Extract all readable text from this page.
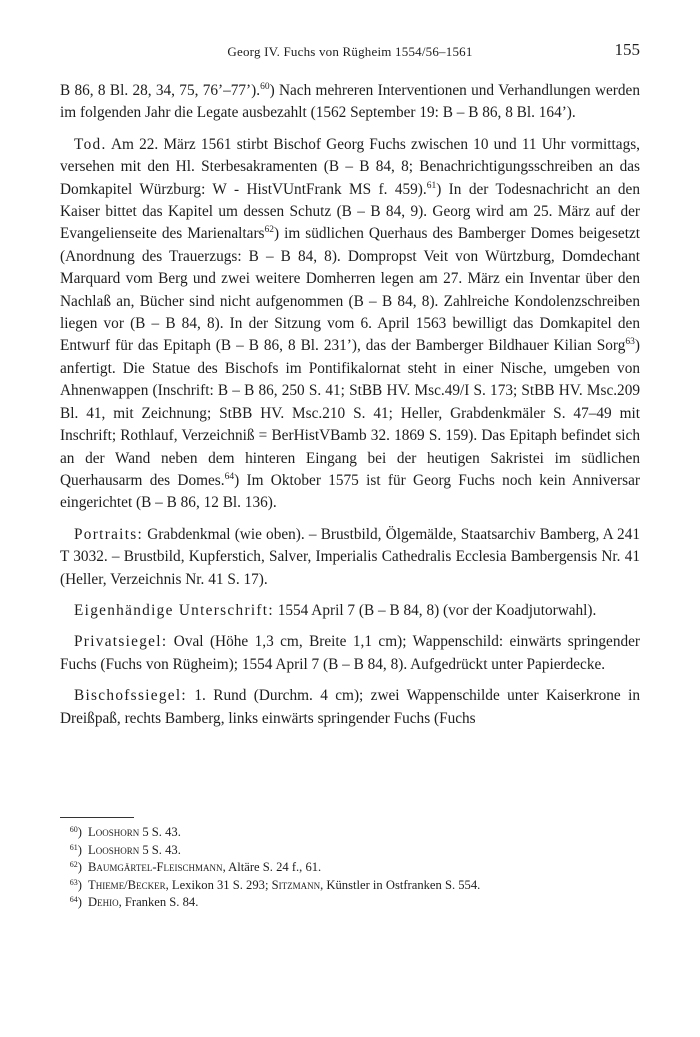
Georg IV. Fuchs von Rügheim 1554/56–1561	155

B 86, 8 Bl. 28, 34, 75, 76’–77’).$^{60}$) Nach mehreren Interventionen und Verhandlungen werden im folgenden Jahr die Legate ausbezahlt (1562 September 19: B – B 86, 8 Bl. 164’).

Tod. Am 22. März 1561 stirbt Bischof Georg Fuchs zwischen 10 und 11 Uhr vormittags, versehen mit den Hl. Sterbesakramenten (B – B 84, 8; Benachrichtigungsschreiben an das Domkapitel Würzburg: W - HistVUntFrank MS f. 459).$^{61}$) In der Todesnachricht an den Kaiser bittet das Kapitel um dessen Schutz (B – B 84, 9). Georg wird am 25. März auf der Evangelienseite des Marienaltars$^{62}$) im südlichen Querhaus des Bamberger Domes beigesetzt (Anordnung des Trauerzugs: B – B 84, 8). Dompropst Veit von Würtzburg, Domdechant Marquard vom Berg und zwei weitere Domherren legen am 27. März ein Inventar über den Nachlaß an, Bücher sind nicht aufgenommen (B – B 84, 8). Zahlreiche Kondolenzschreiben liegen vor (B – B 84, 8). In der Sitzung vom 6. April 1563 bewilligt das Domkapitel den Entwurf für das Epitaph (B – B 86, 8 Bl. 231’), das der Bamberger Bildhauer Kilian Sorg$^{63}$) anfertigt. Die Statue des Bischofs im Pontifikalornat steht in einer Nische, umgeben von Ahnenwappen (Inschrift: B – B 86, 250 S. 41; StBB HV. Msc.49/I S. 173; StBB HV. Msc.209 Bl. 41, mit Zeichnung; StBB HV. Msc.210 S. 41; Heller, Grabdenkmäler S. 47–49 mit Inschrift; Rothlauf, Verzeichniß = BerHistVBamb 32. 1869 S. 159). Das Epitaph befindet sich an der Wand neben dem hinteren Eingang bei der heutigen Sakristei im südlichen Querhausarm des Domes.$^{64}$) Im Oktober 1575 ist für Georg Fuchs noch kein Anniversar eingerichtet (B – B 86, 12 Bl. 136).

Portraits: Grabdenkmal (wie oben). – Brustbild, Ölgemälde, Staatsarchiv Bamberg, A 241 T 3032. – Brustbild, Kupferstich, Salver, Imperialis Cathedralis Ecclesia Bambergensis Nr. 41 (Heller, Verzeichnis Nr. 41 S. 17).

Eigenhändige Unterschrift: 1554 April 7 (B – B 84, 8) (vor der Koadjutorwahl).

Privatsiegel: Oval (Höhe 1,3 cm, Breite 1,1 cm); Wappenschild: einwärts springender Fuchs (Fuchs von Rügheim); 1554 April 7 (B – B 84, 8). Aufgedrückt unter Papierdecke.

Bischofssiegel: 1. Rund (Durchm. 4 cm); zwei Wappenschilde unter Kaiserkrone in Dreißpaß, rechts Bamberg, links einwärts springender Fuchs (Fuchs

$^{60}$) Looshorn 5 S. 43.
$^{61}$) Looshorn 5 S. 43.
$^{62}$) Baumgärtel-Fleischmann, Altäre S. 24 f., 61.
$^{63}$) Thieme/Becker, Lexikon 31 S. 293; Sitzmann, Künstler in Ostfranken S. 554.
$^{64}$) Dehio, Franken S. 84.
